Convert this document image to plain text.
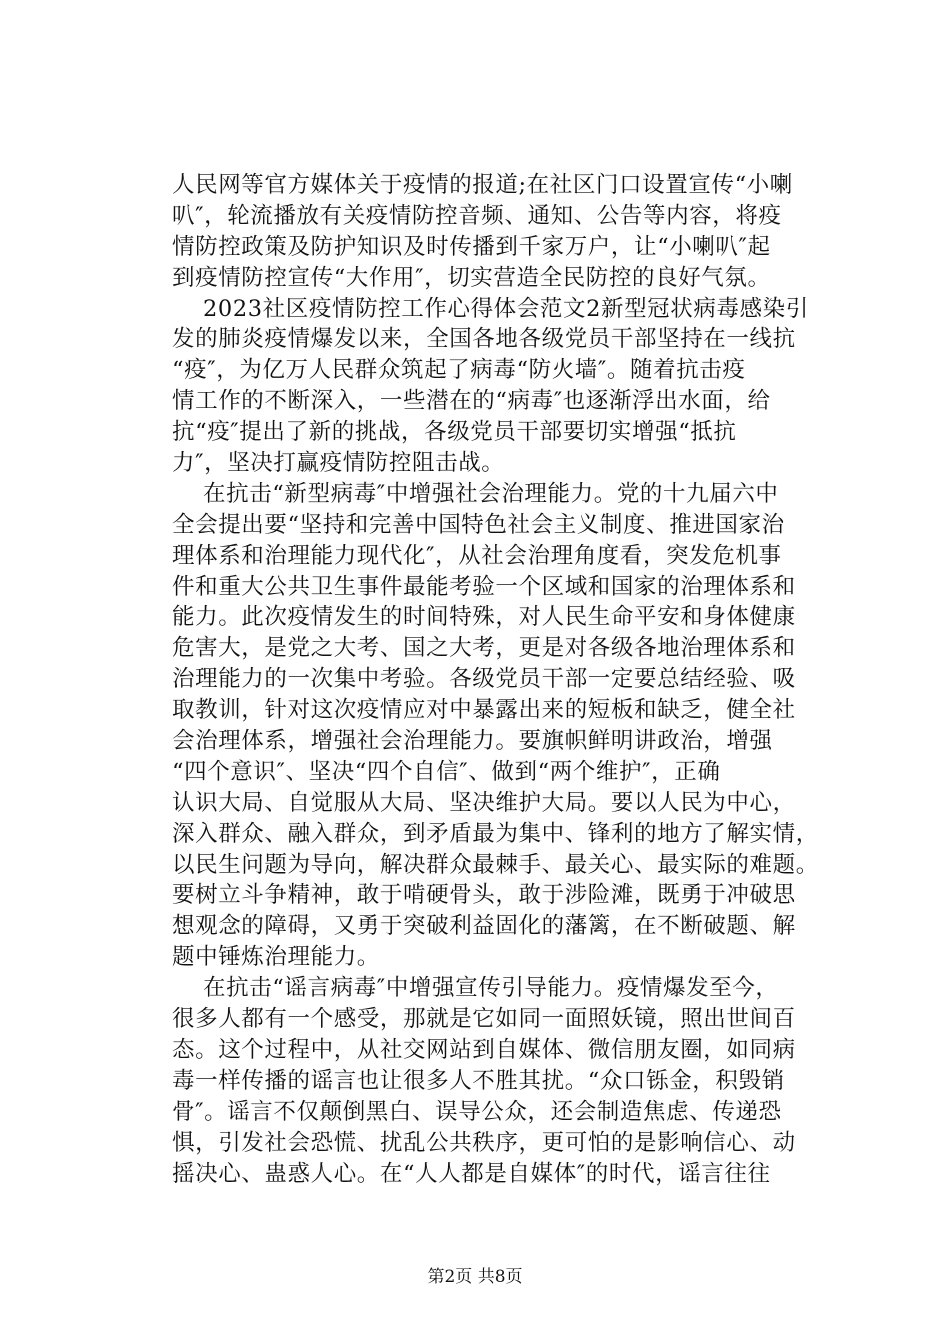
人民网等官方媒体关于疫情的报道;在社区门口设置宣传“小喇
叭″，轮流播放有关疫情防控音频、通知、公告等内容，将疫
情防控政策及防护知识及时传播到千家万户，让“小喇叭″起
到疫情防控宣传“大作用″，切实营造全民防控的良好气氛。
2023社区疫情防控工作心得体会范文2新型冠状病毒感染引
发的肺炎疫情爆发以来，全国各地各级党员干部坚持在一线抗
“疫″，为亿万人民群众筑起了病毒“防火墙″。随着抗击疫
情工作的不断深入，一些潜在的“病毒″也逐渐浮出水面，给
抗“疫″提出了新的挑战，各级党员干部要切实增强“抵抗
力″，坚决打赢疫情防控阻击战。
在抗击“新型病毒″中增强社会治理能力。党的十九届六中
全会提出要“坚持和完善中国特色社会主义制度、推进国家治
理体系和治理能力现代化″，从社会治理角度看，突发危机事
件和重大公共卫生事件最能考验一个区域和国家的治理体系和
能力。此次疫情发生的时间特殊，对人民生命平安和身体健康
危害大，是党之大考、国之大考，更是对各级各地治理体系和
治理能力的一次集中考验。各级党员干部一定要总结经验、吸
取教训，针对这次疫情应对中暴露出来的短板和缺乏，健全社
会治理体系，增强社会治理能力。要旗帜鲜明讲政治，增强
“四个意识″、坚决“四个自信″、做到“两个维护″，正确
认识大局、自觉服从大局、坚决维护大局。要以人民为中心，
深入群众、融入群众，到矛盾最为集中、锋利的地方了解实情，
以民生问题为导向，解决群众最棘手、最关心、最实际的难题。
要树立斗争精神，敢于啃硬骨头，敢于涉险滩，既勇于冲破思
想观念的障碍，又勇于突破利益固化的藩篱，在不断破题、解
题中锤炼治理能力。
在抗击“谣言病毒″中增强宣传引导能力。疫情爆发至今，
很多人都有一个感受，那就是它如同一面照妖镜，照出世间百
态。这个过程中，从社交网站到自媒体、微信朋友圈，如同病
毒一样传播的谣言也让很多人不胜其扰。“众口铄金，积毁销
骨″。谣言不仅颠倒黑白、误导公众，还会制造焦虑、传递恐
惧，引发社会恐慌、扰乱公共秩序，更可怕的是影响信心、动
摇决心、蛊惑人心。在“人人都是自媒体″的时代，谣言往往
第2页 共8页
